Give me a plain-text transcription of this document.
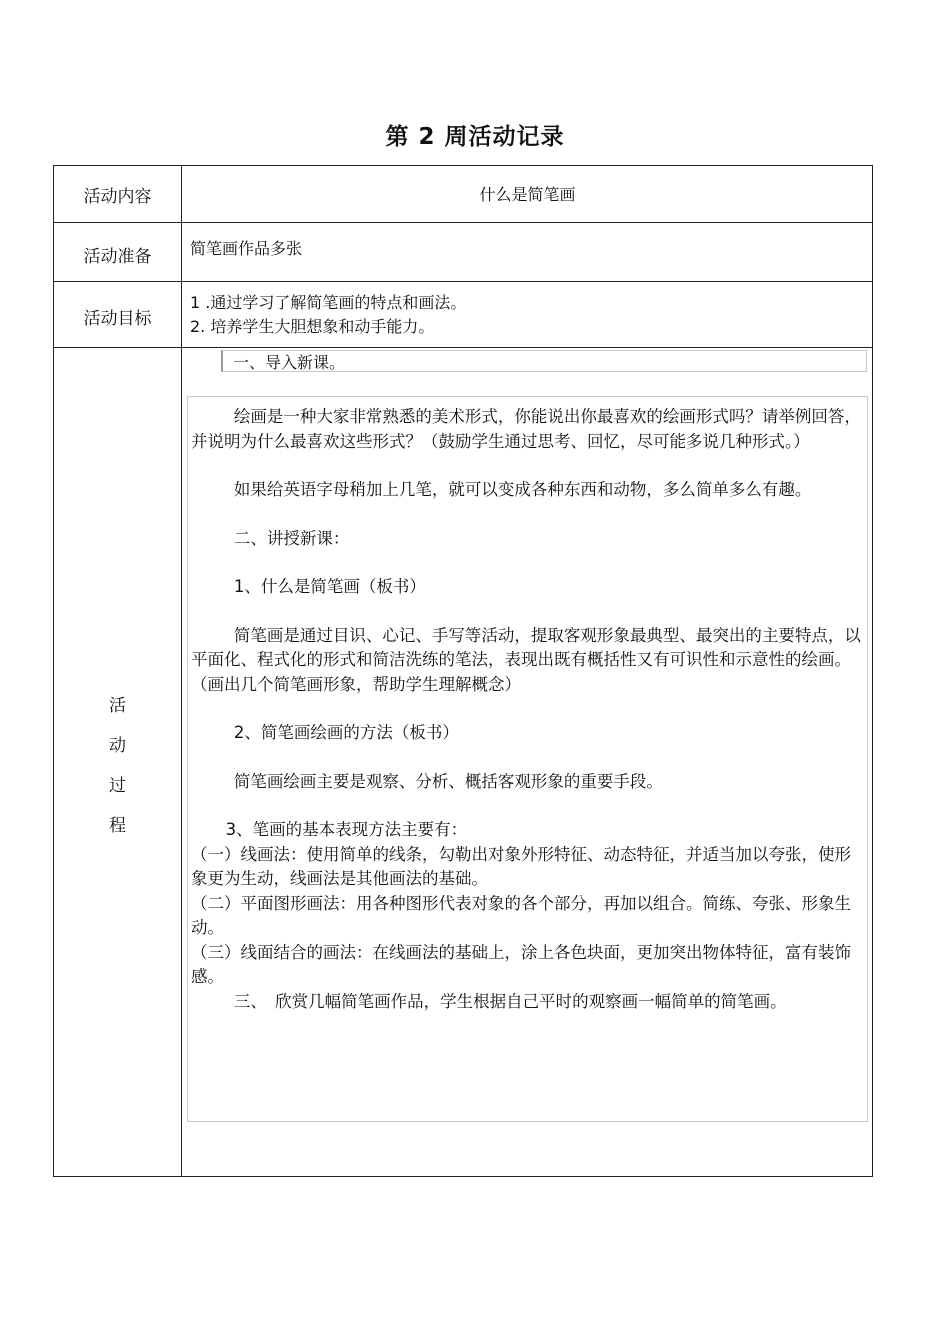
第 2 周活动记录
活动内容	什么是简笔画
活动准备	简笔画作品多张
活动目标
1 .通过学习了解简笔画的特点和画法。
2. 培养学生大胆想象和动手能力。
活
动
过
程
一、导入新课。

绘画是一种大家非常熟悉的美术形式，你能说出你最喜欢的绘画形式吗？请举例回答，并说明为什么最喜欢这些形式？（鼓励学生通过思考、回忆，尽可能多说几种形式。）

如果给英语字母稍加上几笔，就可以变成各种东西和动物，多么简单多么有趣。

二、讲授新课：

1、什么是简笔画（板书）

简笔画是通过目识、心记、手写等活动，提取客观形象最典型、最突出的主要特点，以平面化、程式化的形式和简洁洗练的笔法，表现出既有概括性又有可识性和示意性的绘画。（画出几个简笔画形象，帮助学生理解概念）

2、简笔画绘画的方法（板书）

简笔画绘画主要是观察、分析、概括客观形象的重要手段。

3、笔画的基本表现方法主要有：

（一）线画法：使用简单的线条，勾勒出对象外形特征、动态特征，并适当加以夸张，使形象更为生动，线画法是其他画法的基础。

（二）平面图形画法：用各种图形代表对象的各个部分，再加以组合。简练、夸张、形象生动。

（三）线面结合的画法：在线画法的基础上，涂上各色块面，更加突出物体特征，富有装饰感。

三、　欣赏几幅简笔画作品，学生根据自己平时的观察画一幅简单的简笔画。
